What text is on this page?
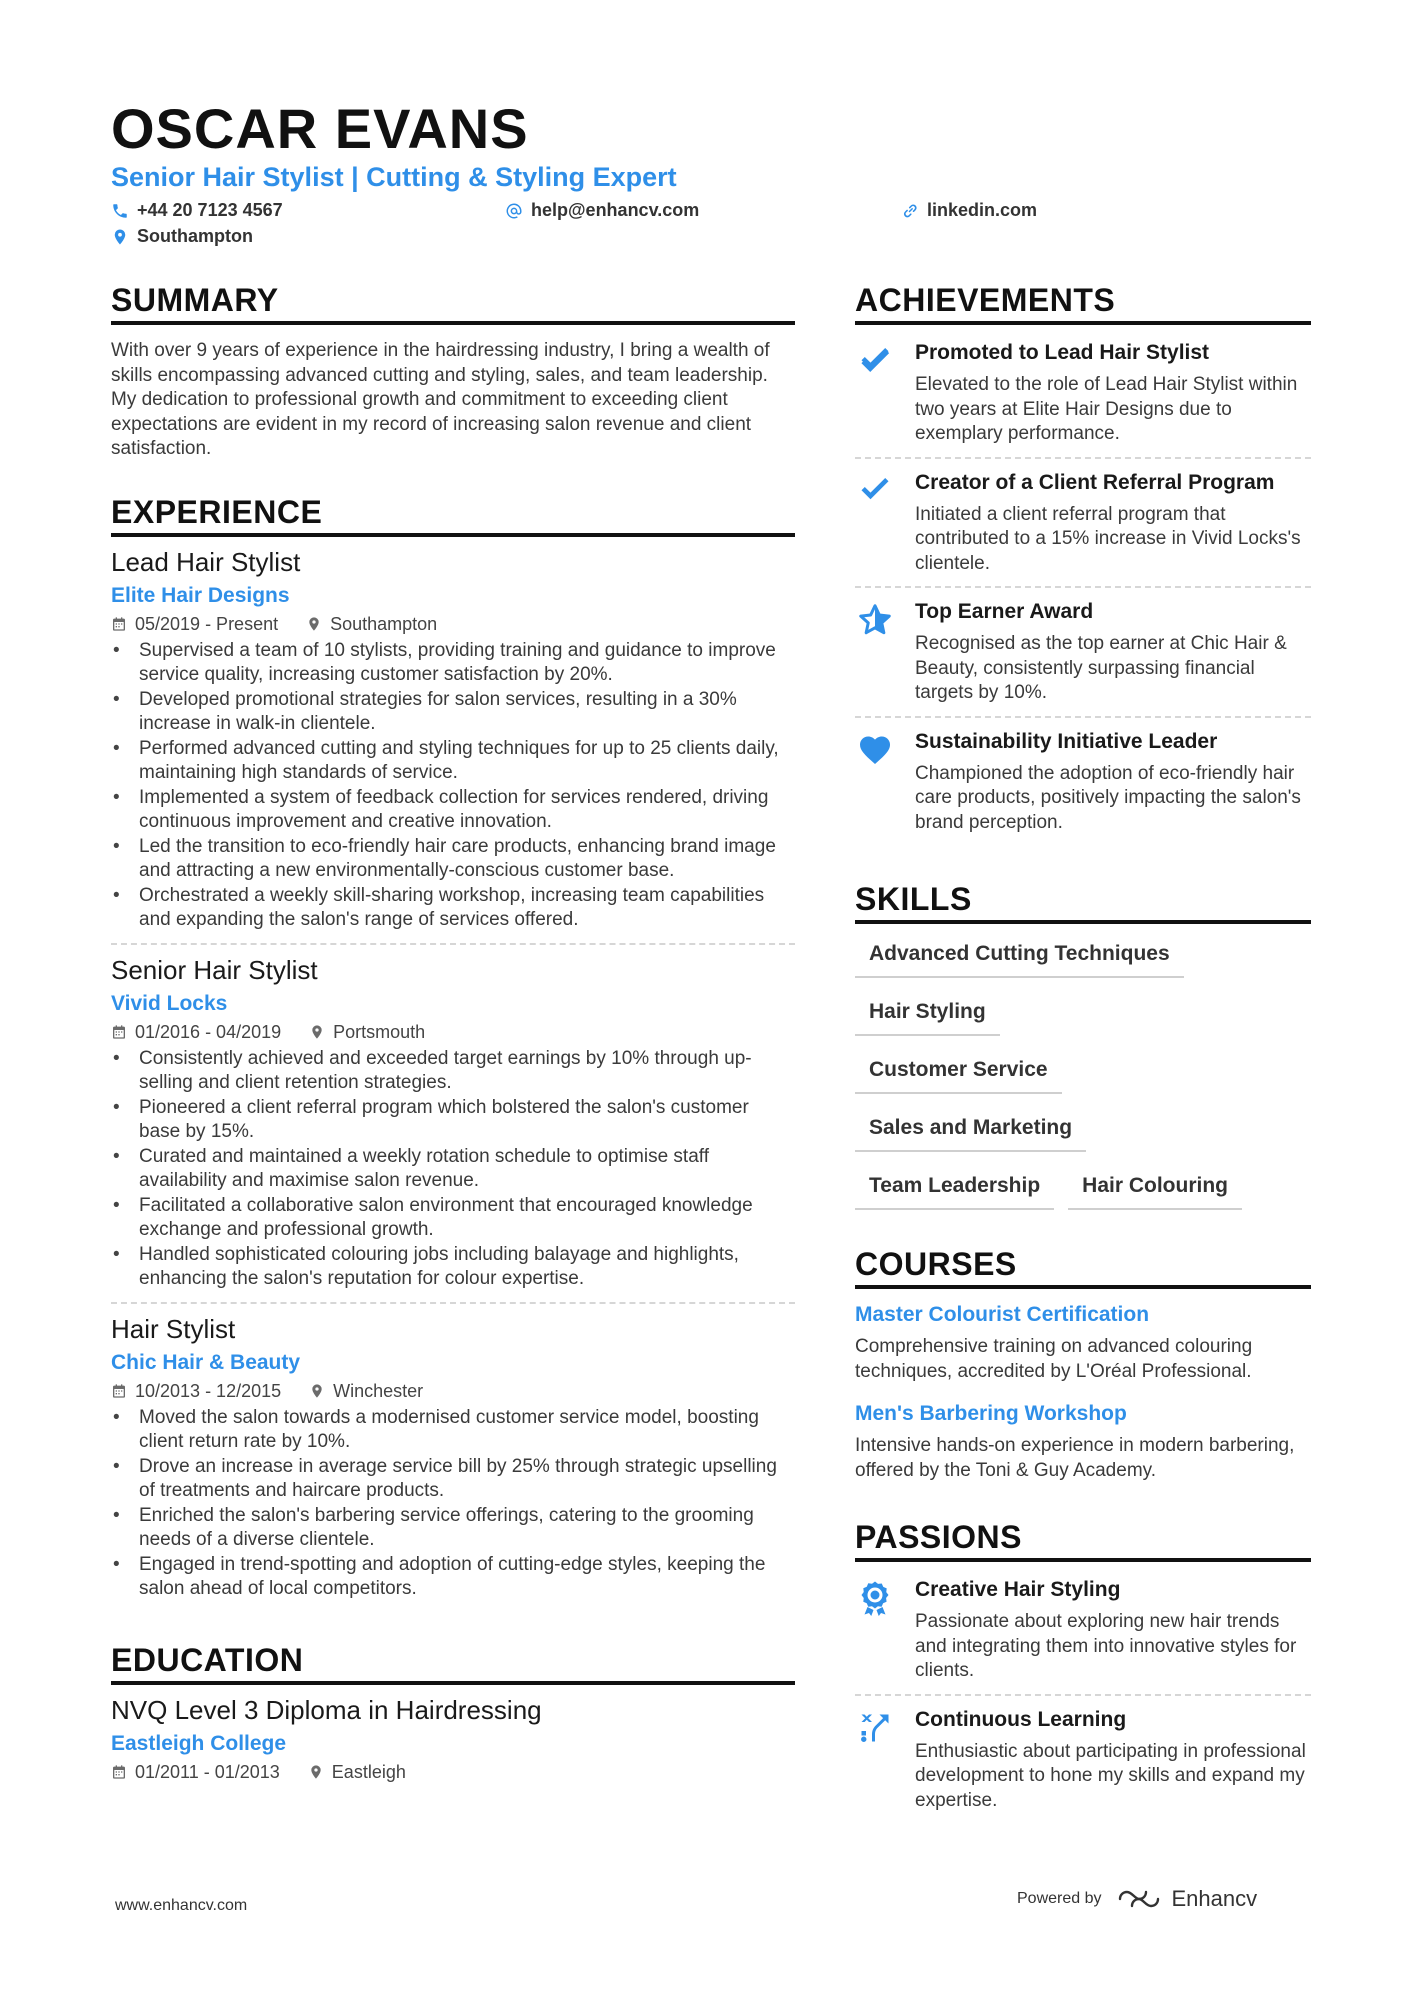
OSCAR EVANS
Senior Hair Stylist | Cutting & Styling Expert
+44 20 7123 4567	help@enhancv.com	linkedin.com
Southampton
SUMMARY

With over 9 years of experience in the hairdressing industry, I bring a wealth of skills encompassing advanced cutting and styling, sales, and team leadership. My dedication to professional growth and commitment to exceeding client expectations are evident in my record of increasing salon revenue and client satisfaction.

EXPERIENCE
Lead Hair Stylist
Elite Hair Designs
05/2019 - Present	Southampton
• Supervised a team of 10 stylists, providing training and guidance to improve service quality, increasing customer satisfaction by 20%.
• Developed promotional strategies for salon services, resulting in a 30% increase in walk-in clientele.
• Performed advanced cutting and styling techniques for up to 25 clients daily, maintaining high standards of service.
• Implemented a system of feedback collection for services rendered, driving continuous improvement and creative innovation.
• Led the transition to eco-friendly hair care products, enhancing brand image and attracting a new environmentally-conscious customer base.
• Orchestrated a weekly skill-sharing workshop, increasing team capabilities and expanding the salon's range of services offered.
Senior Hair Stylist
Vivid Locks
01/2016 - 04/2019	Portsmouth
• Consistently achieved and exceeded target earnings by 10% through up-selling and client retention strategies.
• Pioneered a client referral program which bolstered the salon's customer base by 15%.
• Curated and maintained a weekly rotation schedule to optimise staff availability and maximise salon revenue.
• Facilitated a collaborative salon environment that encouraged knowledge exchange and professional growth.
• Handled sophisticated colouring jobs including balayage and highlights, enhancing the salon's reputation for colour expertise.
Hair Stylist
Chic Hair & Beauty
10/2013 - 12/2015	Winchester
• Moved the salon towards a modernised customer service model, boosting client return rate by 10%.
• Drove an increase in average service bill by 25% through strategic upselling of treatments and haircare products.
• Enriched the salon's barbering service offerings, catering to the grooming needs of a diverse clientele.
• Engaged in trend-spotting and adoption of cutting-edge styles, keeping the salon ahead of local competitors.
EDUCATION
NVQ Level 3 Diploma in Hairdressing
Eastleigh College
01/2011 - 01/2013	Eastleigh
ACHIEVEMENTS
Promoted to Lead Hair Stylist

Elevated to the role of Lead Hair Stylist within two years at Elite Hair Designs due to exemplary performance.

Creator of a Client Referral Program

Initiated a client referral program that contributed to a 15% increase in Vivid Locks's clientele.

Top Earner Award

Recognised as the top earner at Chic Hair & Beauty, consistently surpassing financial targets by 10%.

Sustainability Initiative Leader

Championed the adoption of eco-friendly hair care products, positively impacting the salon's brand perception.

SKILLS
Advanced Cutting Techniques
Hair Styling
Customer Service
Sales and Marketing
Team Leadership	Hair Colouring
COURSES
Master Colourist Certification

Comprehensive training on advanced colouring techniques, accredited by L'Oréal Professional.

Men's Barbering Workshop

Intensive hands-on experience in modern barbering, offered by the Toni & Guy Academy.

PASSIONS
Creative Hair Styling

Passionate about exploring new hair trends and integrating them into innovative styles for clients.

Continuous Learning

Enthusiastic about participating in professional development to hone my skills and expand my expertise.

www.enhancv.com	Powered by	Enhancv
